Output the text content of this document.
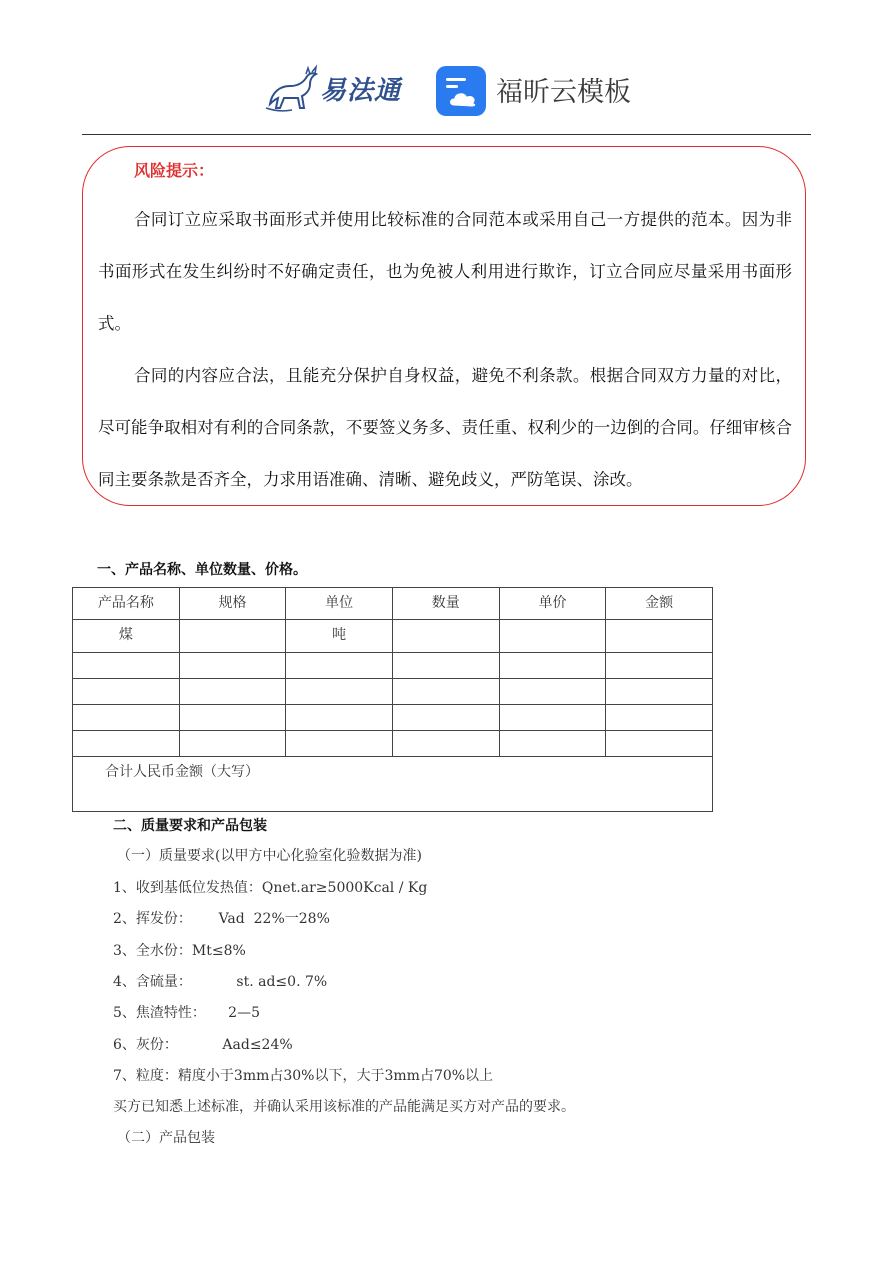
易法通	福昕云模板
风险提示：

合同订立应采取书面形式并使用比较标准的合同范本或采用自己一方提供的范本。因为非书面形式在发生纠纷时不好确定责任，也为免被人利用进行欺诈，订立合同应尽量采用书面形式。

合同的内容应合法，且能充分保护自身权益，避免不利条款。根据合同双方力量的对比，尽可能争取相对有利的合同条款，不要签义务多、责任重、权利少的一边倒的合同。仔细审核合同主要条款是否齐全，力求用语准确、清晰、避免歧义，严防笔误、涂改。

一、产品名称、单位数量、价格。
产品名称	规格	单位	数量	单价	金额
煤		吨			

合计人民币金额（大写）					
二、质量要求和产品包装
（一）质量要求(以甲方中心化验室化验数据为准)
1、收到基低位发热值：Qnet.ar≥5000Kcal / Kg
2、挥发份：      Vad  22%一28%
3、全水份：Mt≤8%
4、含硫量：          st. ad≤0. 7%
5、焦渣特性：     2—5
6、灰份：          Aad≤24%
7、粒度：精度小于3mm占30%以下，大于3mm占70%以上
买方已知悉上述标准，并确认采用该标准的产品能满足买方对产品的要求。
（二）产品包装
